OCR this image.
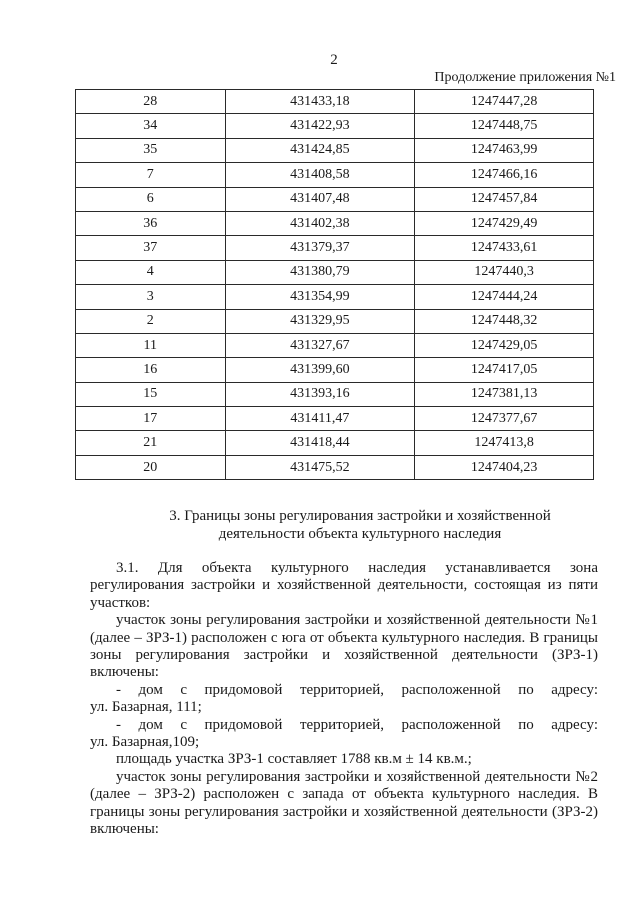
2
Продолжение приложения №1
28	431433,18	1247447,28
34	431422,93	1247448,75
35	431424,85	1247463,99
7	431408,58	1247466,16
6	431407,48	1247457,84
36	431402,38	1247429,49
37	431379,37	1247433,61
4	431380,79	1247440,3
3	431354,99	1247444,24
2	431329,95	1247448,32
11	431327,67	1247429,05
16	431399,60	1247417,05
15	431393,16	1247381,13
17	431411,47	1247377,67
21	431418,44	1247413,8
20	431475,52	1247404,23
3. Границы зоны регулирования застройки и хозяйственной
деятельности объекта культурного наследия

3.1. Для объекта культурного наследия устанавливается зона

регулирования застройки и хозяйственной деятельности, состоящая из пяти

участков:

участок зоны регулирования застройки и хозяйственной деятельности №1

(далее – ЗРЗ-1) расположен с юга от объекта культурного наследия. В границы

зоны регулирования застройки и хозяйственной деятельности (ЗРЗ-1)

включены:

- дом с придомовой территорией, расположенной по адресу:

ул. Базарная, 111;

- дом с придомовой территорией, расположенной по адресу:

ул. Базарная,109;

площадь участка ЗРЗ-1 составляет 1788 кв.м ± 14 кв.м.;

участок зоны регулирования застройки и хозяйственной деятельности №2

(далее – ЗРЗ-2) расположен с запада от объекта культурного наследия. В

границы зоны регулирования застройки и хозяйственной деятельности (ЗРЗ-2)

включены:
